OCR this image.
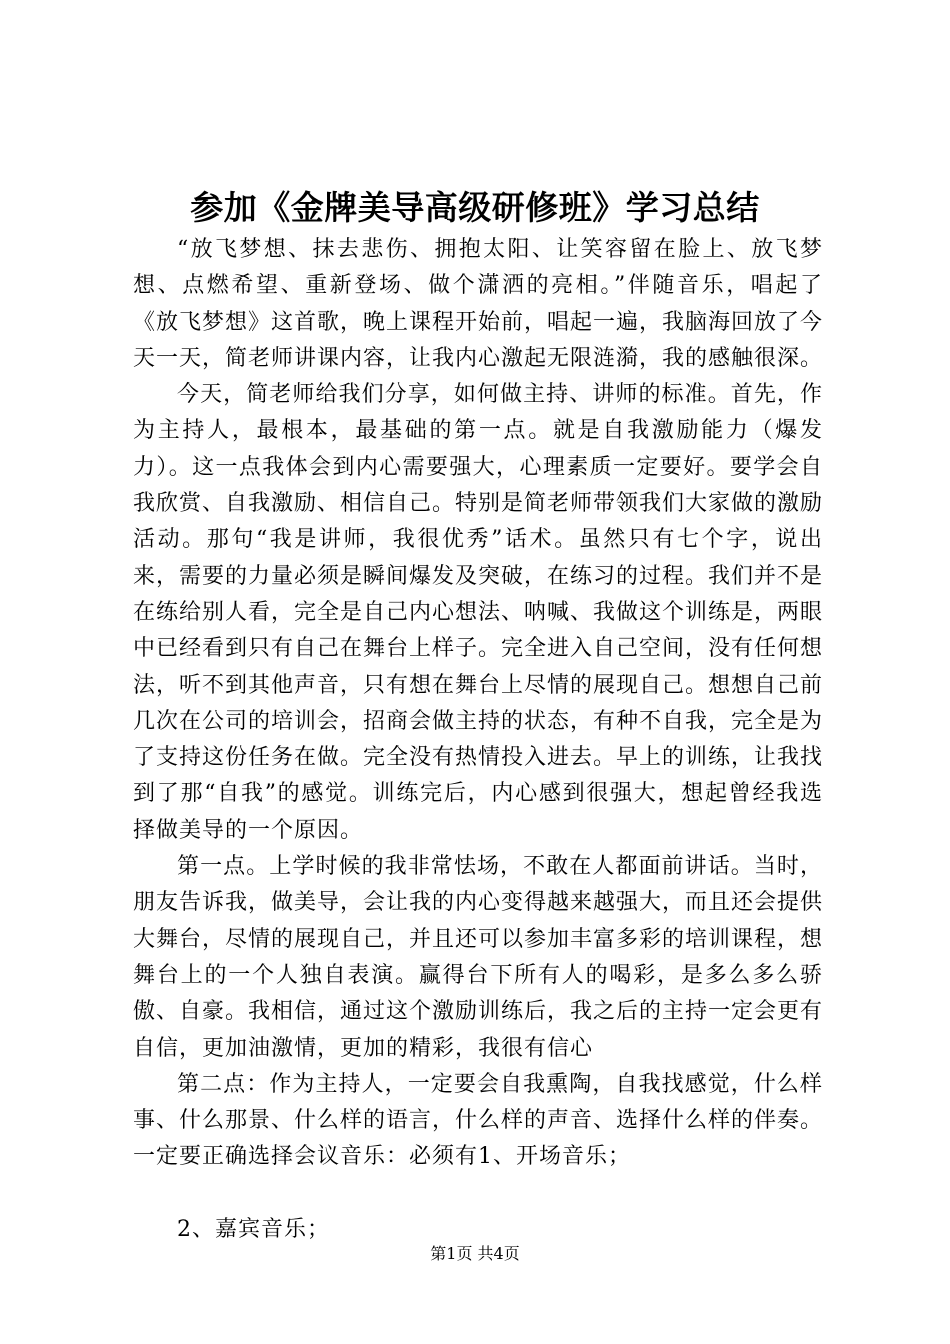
参加《金牌美导高级研修班》学习总结

“放飞梦想、抹去悲伤、拥抱太阳、让笑容留在脸上、放飞梦想、点燃希望、重新登场、做个潇洒的亮相。”伴随音乐，唱起了《放飞梦想》这首歌，晚上课程开始前，唱起一遍，我脑海回放了今天一天，简老师讲课内容，让我内心激起无限涟漪，我的感触很深。

今天，简老师给我们分享，如何做主持、讲师的标准。首先，作为主持人，最根本，最基础的第一点。就是自我激励能力（爆发力）。这一点我体会到内心需要强大，心理素质一定要好。要学会自我欣赏、自我激励、相信自己。特别是简老师带领我们大家做的激励活动。那句“我是讲师，我很优秀”话术。虽然只有七个字，说出来，需要的力量必须是瞬间爆发及突破，在练习的过程。我们并不是在练给别人看，完全是自己内心想法、呐喊、我做这个训练是，两眼中已经看到只有自己在舞台上样子。完全进入自己空间，没有任何想法，听不到其他声音，只有想在舞台上尽情的展现自己。想想自己前几次在公司的培训会，招商会做主持的状态，有种不自我，完全是为了支持这份任务在做。完全没有热情投入进去。早上的训练，让我找到了那“自我”的感觉。训练完后，内心感到很强大，想起曾经我选择做美导的一个原因。

第一点。上学时候的我非常怯场，不敢在人都面前讲话。当时，朋友告诉我，做美导，会让我的内心变得越来越强大，而且还会提供大舞台，尽情的展现自己，并且还可以参加丰富多彩的培训课程，想舞台上的一个人独自表演。赢得台下所有人的喝彩，是多么多么骄傲、自豪。我相信，通过这个激励训练后，我之后的主持一定会更有自信，更加油激情，更加的精彩，我很有信心

第二点：作为主持人，一定要会自我熏陶，自我找感觉，什么样事、什么那景、什么样的语言，什么样的声音、选择什么样的伴奏。一定要正确选择会议音乐：必须有1、开场音乐；

2、嘉宾音乐；

第1页 共4页
